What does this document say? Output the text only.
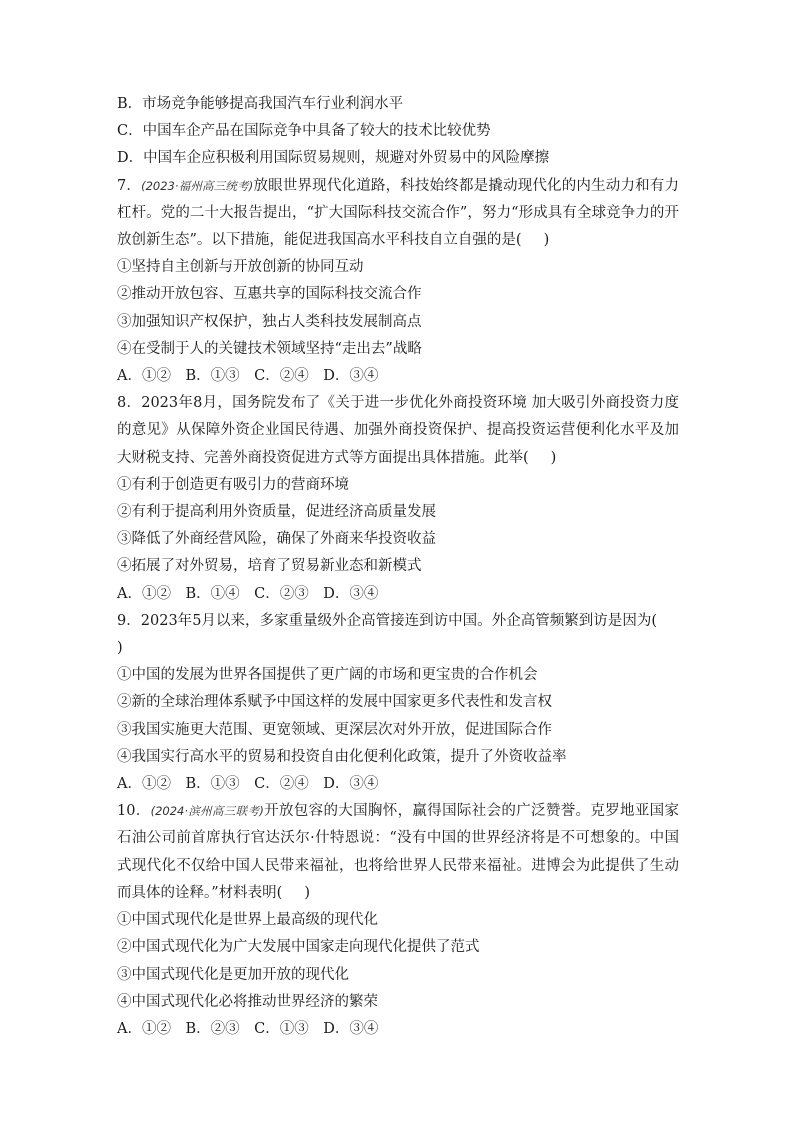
B．市场竞争能够提高我国汽车行业利润水平
C．中国车企产品在国际竞争中具备了较大的技术比较优势
D．中国车企应积极利用国际贸易规则，规避对外贸易中的风险摩擦
7．(2023·福州高三统考)放眼世界现代化道路，科技始终都是撬动现代化的内生动力和有力杠杆。党的二十大报告提出，“扩大国际科技交流合作”，努力“形成具有全球竞争力的开放创新生态”。以下措施，能促进我国高水平科技自立自强的是( )
①坚持自主创新与开放创新的协同互动
②推动开放包容、互惠共享的国际科技交流合作
③加强知识产权保护，独占人类科技发展制高点
④在受制于人的关键技术领域坚持“走出去”战略
A．①②　B．①③　C．②④　D．③④
8．2023年8月，国务院发布了《关于进一步优化外商投资环境 加大吸引外商投资力度的意见》从保障外资企业国民待遇、加强外商投资保护、提高投资运营便利化水平及加大财税支持、完善外商投资促进方式等方面提出具体措施。此举( )
①有利于创造更有吸引力的营商环境
②有利于提高利用外资质量，促进经济高质量发展
③降低了外商经营风险，确保了外商来华投资收益
④拓展了对外贸易，培育了贸易新业态和新模式
A．①②　B．①④　C．②③　D．③④
9．2023年5月以来，多家重量级外企高管接连到访中国。外企高管频繁到访是因为()
①中国的发展为世界各国提供了更广阔的市场和更宝贵的合作机会
②新的全球治理体系赋予中国这样的发展中国家更多代表性和发言权
③我国实施更大范围、更宽领域、更深层次对外开放，促进国际合作
④我国实行高水平的贸易和投资自由化便利化政策，提升了外资收益率
A．①②　B．①③　C．②④　D．③④
10．(2024·滨州高三联考)开放包容的大国胸怀，赢得国际社会的广泛赞誉。克罗地亚国家石油公司前首席执行官达沃尔·什特恩说：“没有中国的世界经济将是不可想象的。中国式现代化不仅给中国人民带来福祉，也将给世界人民带来福祉。进博会为此提供了生动而具体的诠释。”材料表明( )
①中国式现代化是世界上最高级的现代化
②中国式现代化为广大发展中国家走向现代化提供了范式
③中国式现代化是更加开放的现代化
④中国式现代化必将推动世界经济的繁荣
A．①②　B．②③　C．①③　D．③④
